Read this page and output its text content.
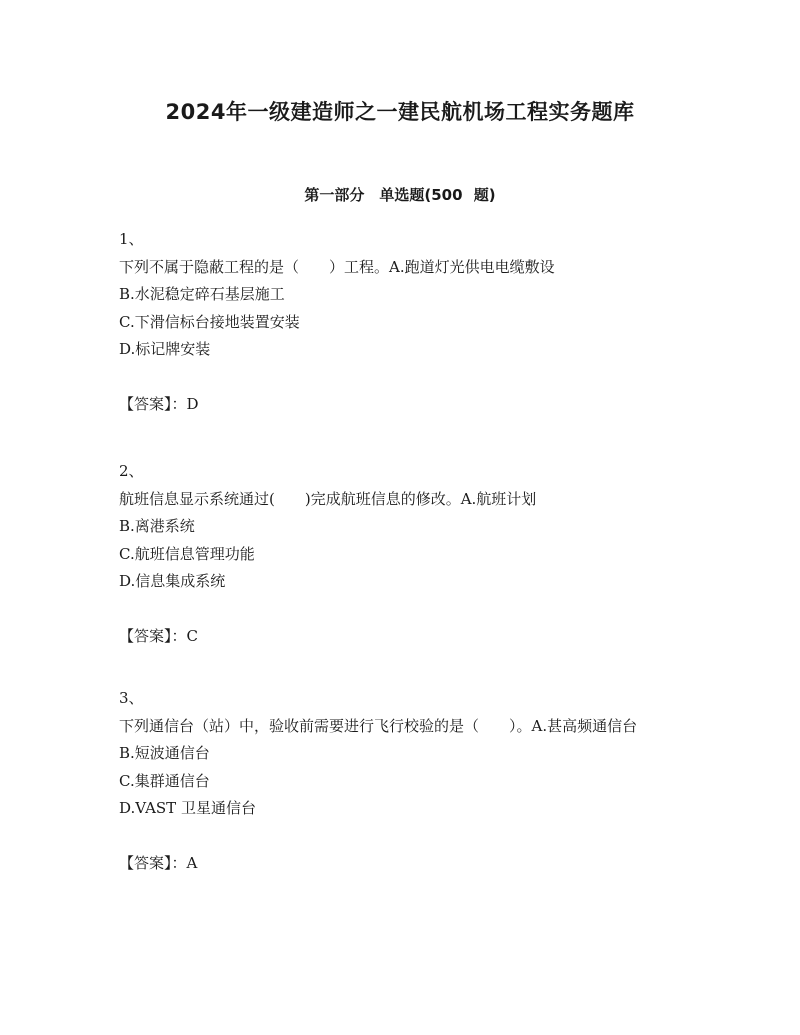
2024年一级建造师之一建民航机场工程实务题库
第一部分　单选题(500 题)
1、
下列不属于隐蔽工程的是（　　）工程。A.跑道灯光供电电缆敷设
B.水泥稳定碎石基层施工
C.下滑信标台接地装置安装
D.标记牌安装
【答案】：D
2、
航班信息显示系统通过(　　)完成航班信息的修改。A.航班计划
B.离港系统
C.航班信息管理功能
D.信息集成系统
【答案】：C
3、
下列通信台（站）中，验收前需要进行飞行校验的是（　　）。A.甚高频通信台
B.短波通信台
C.集群通信台
D.VAST 卫星通信台
【答案】：A
